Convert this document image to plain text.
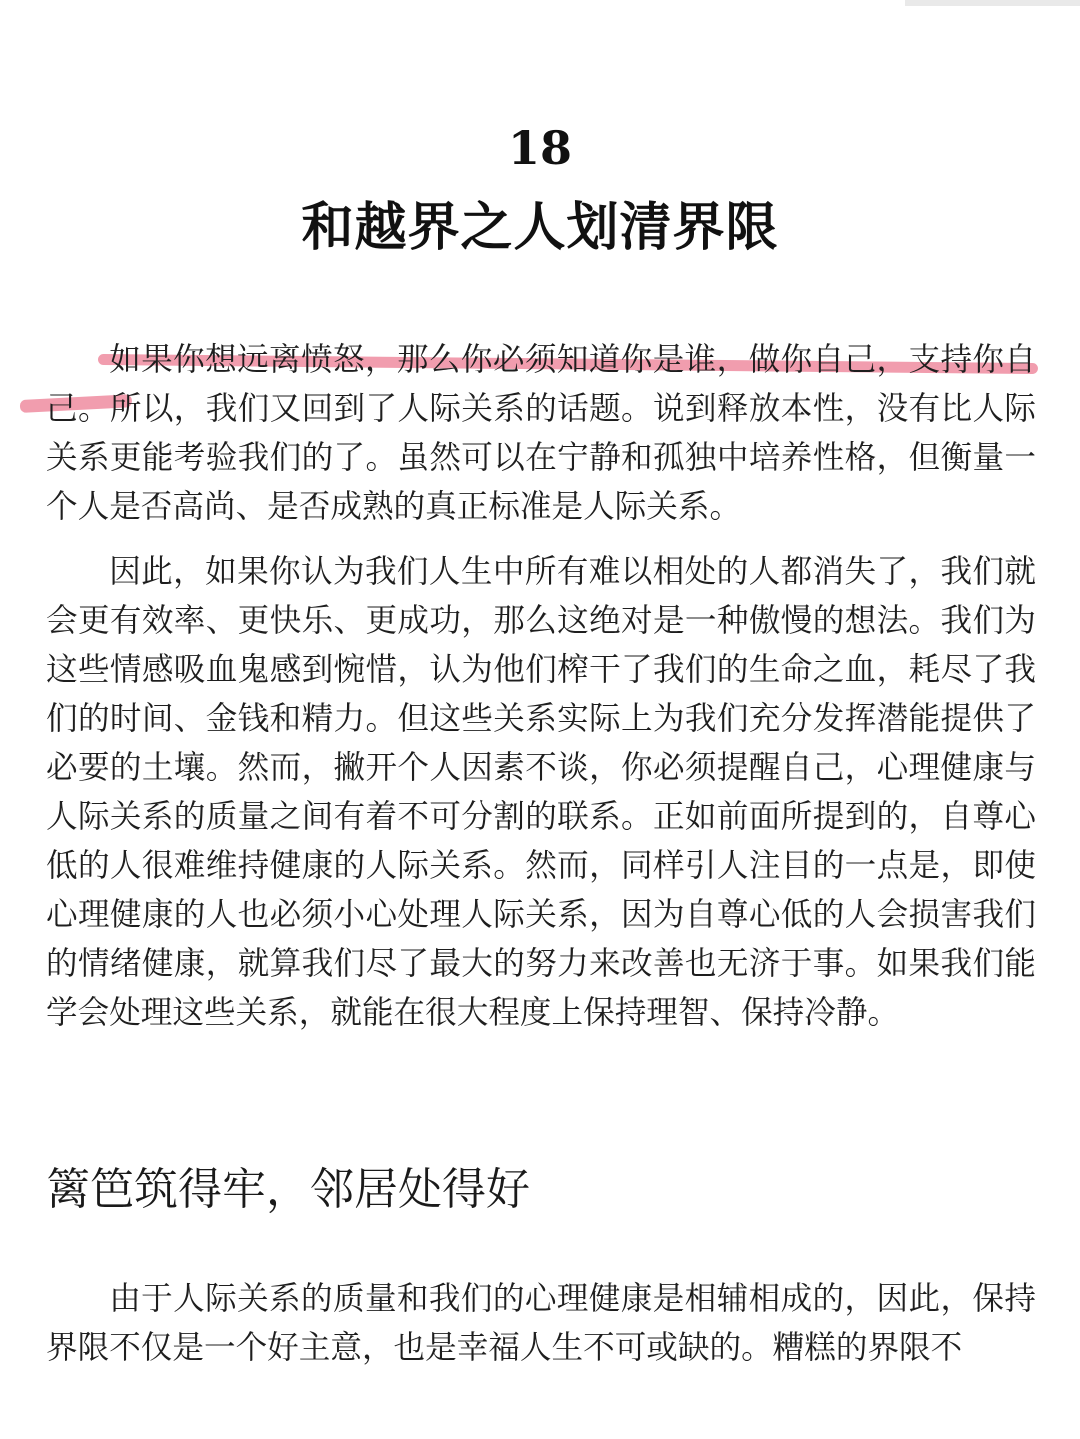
18
和越界之人划清界限

如果你想远离愤怒，那么你必须知道你是谁，做你自己，支持你自己。所以，我们又回到了人际关系的话题。说到释放本性，没有比人际关系更能考验我们的了。虽然可以在宁静和孤独中培养性格，但衡量一个人是否高尚、是否成熟的真正标准是人际关系。

因此，如果你认为我们人生中所有难以相处的人都消失了，我们就会更有效率、更快乐、更成功，那么这绝对是一种傲慢的想法。我们为这些情感吸血鬼感到惋惜，认为他们榨干了我们的生命之血，耗尽了我们的时间、金钱和精力。但这些关系实际上为我们充分发挥潜能提供了必要的土壤。然而，撇开个人因素不谈，你必须提醒自己，心理健康与人际关系的质量之间有着不可分割的联系。正如前面所提到的，自尊心低的人很难维持健康的人际关系。然而，同样引人注目的一点是，即使心理健康的人也必须小心处理人际关系，因为自尊心低的人会损害我们的情绪健康，就算我们尽了最大的努力来改善也无济于事。如果我们能学会处理这些关系，就能在很大程度上保持理智、保持冷静。

篱笆筑得牢，邻居处得好

由于人际关系的质量和我们的心理健康是相辅相成的，因此，保持界限不仅是一个好主意，也是幸福人生不可或缺的。糟糕的界限不
